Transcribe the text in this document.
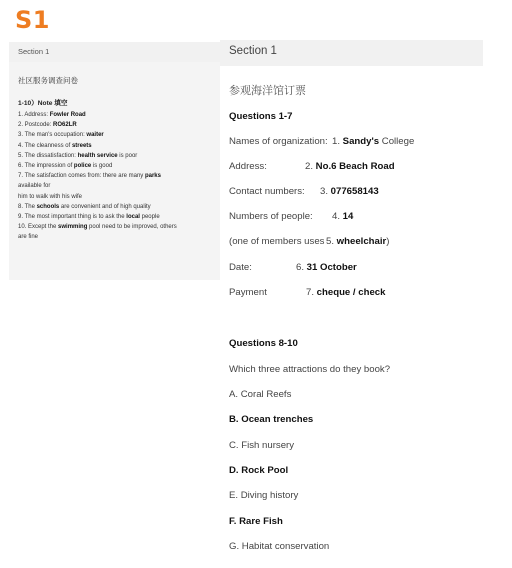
S1
Section 1
社区服务调查问卷
1-10）Note 填空
1. Address: Fowler Road
2. Postcode: RO62LR
3. The man's occupation: waiter
4. The cleanness of streets
5. The dissatisfaction: health service is poor
6. The impression of police is good
7. The satisfaction comes from: there are many parks
available for
him to walk with his wife
8. The schools are convenient and of high quality
9. The most important thing is to ask the local people
10. Except the swimming pool need to be improved, others
are fine
Section 1
参观海洋馆订票
Questions 1-7
Questions 8-10
Which three attractions do they book?
Names of organization: 1. Sandy's College
Address:	2. No.6 Beach Road
Contact numbers: 3. 077658143
Numbers of people: 4. 14
(one of members uses 5. wheelchair)
Date:	6. 31 October
Payment	7. cheque / check
A. Coral Reefs
B. Ocean trenches
C. Fish nursery
D. Rock Pool
E. Diving history
F. Rare Fish
G. Habitat conservation
